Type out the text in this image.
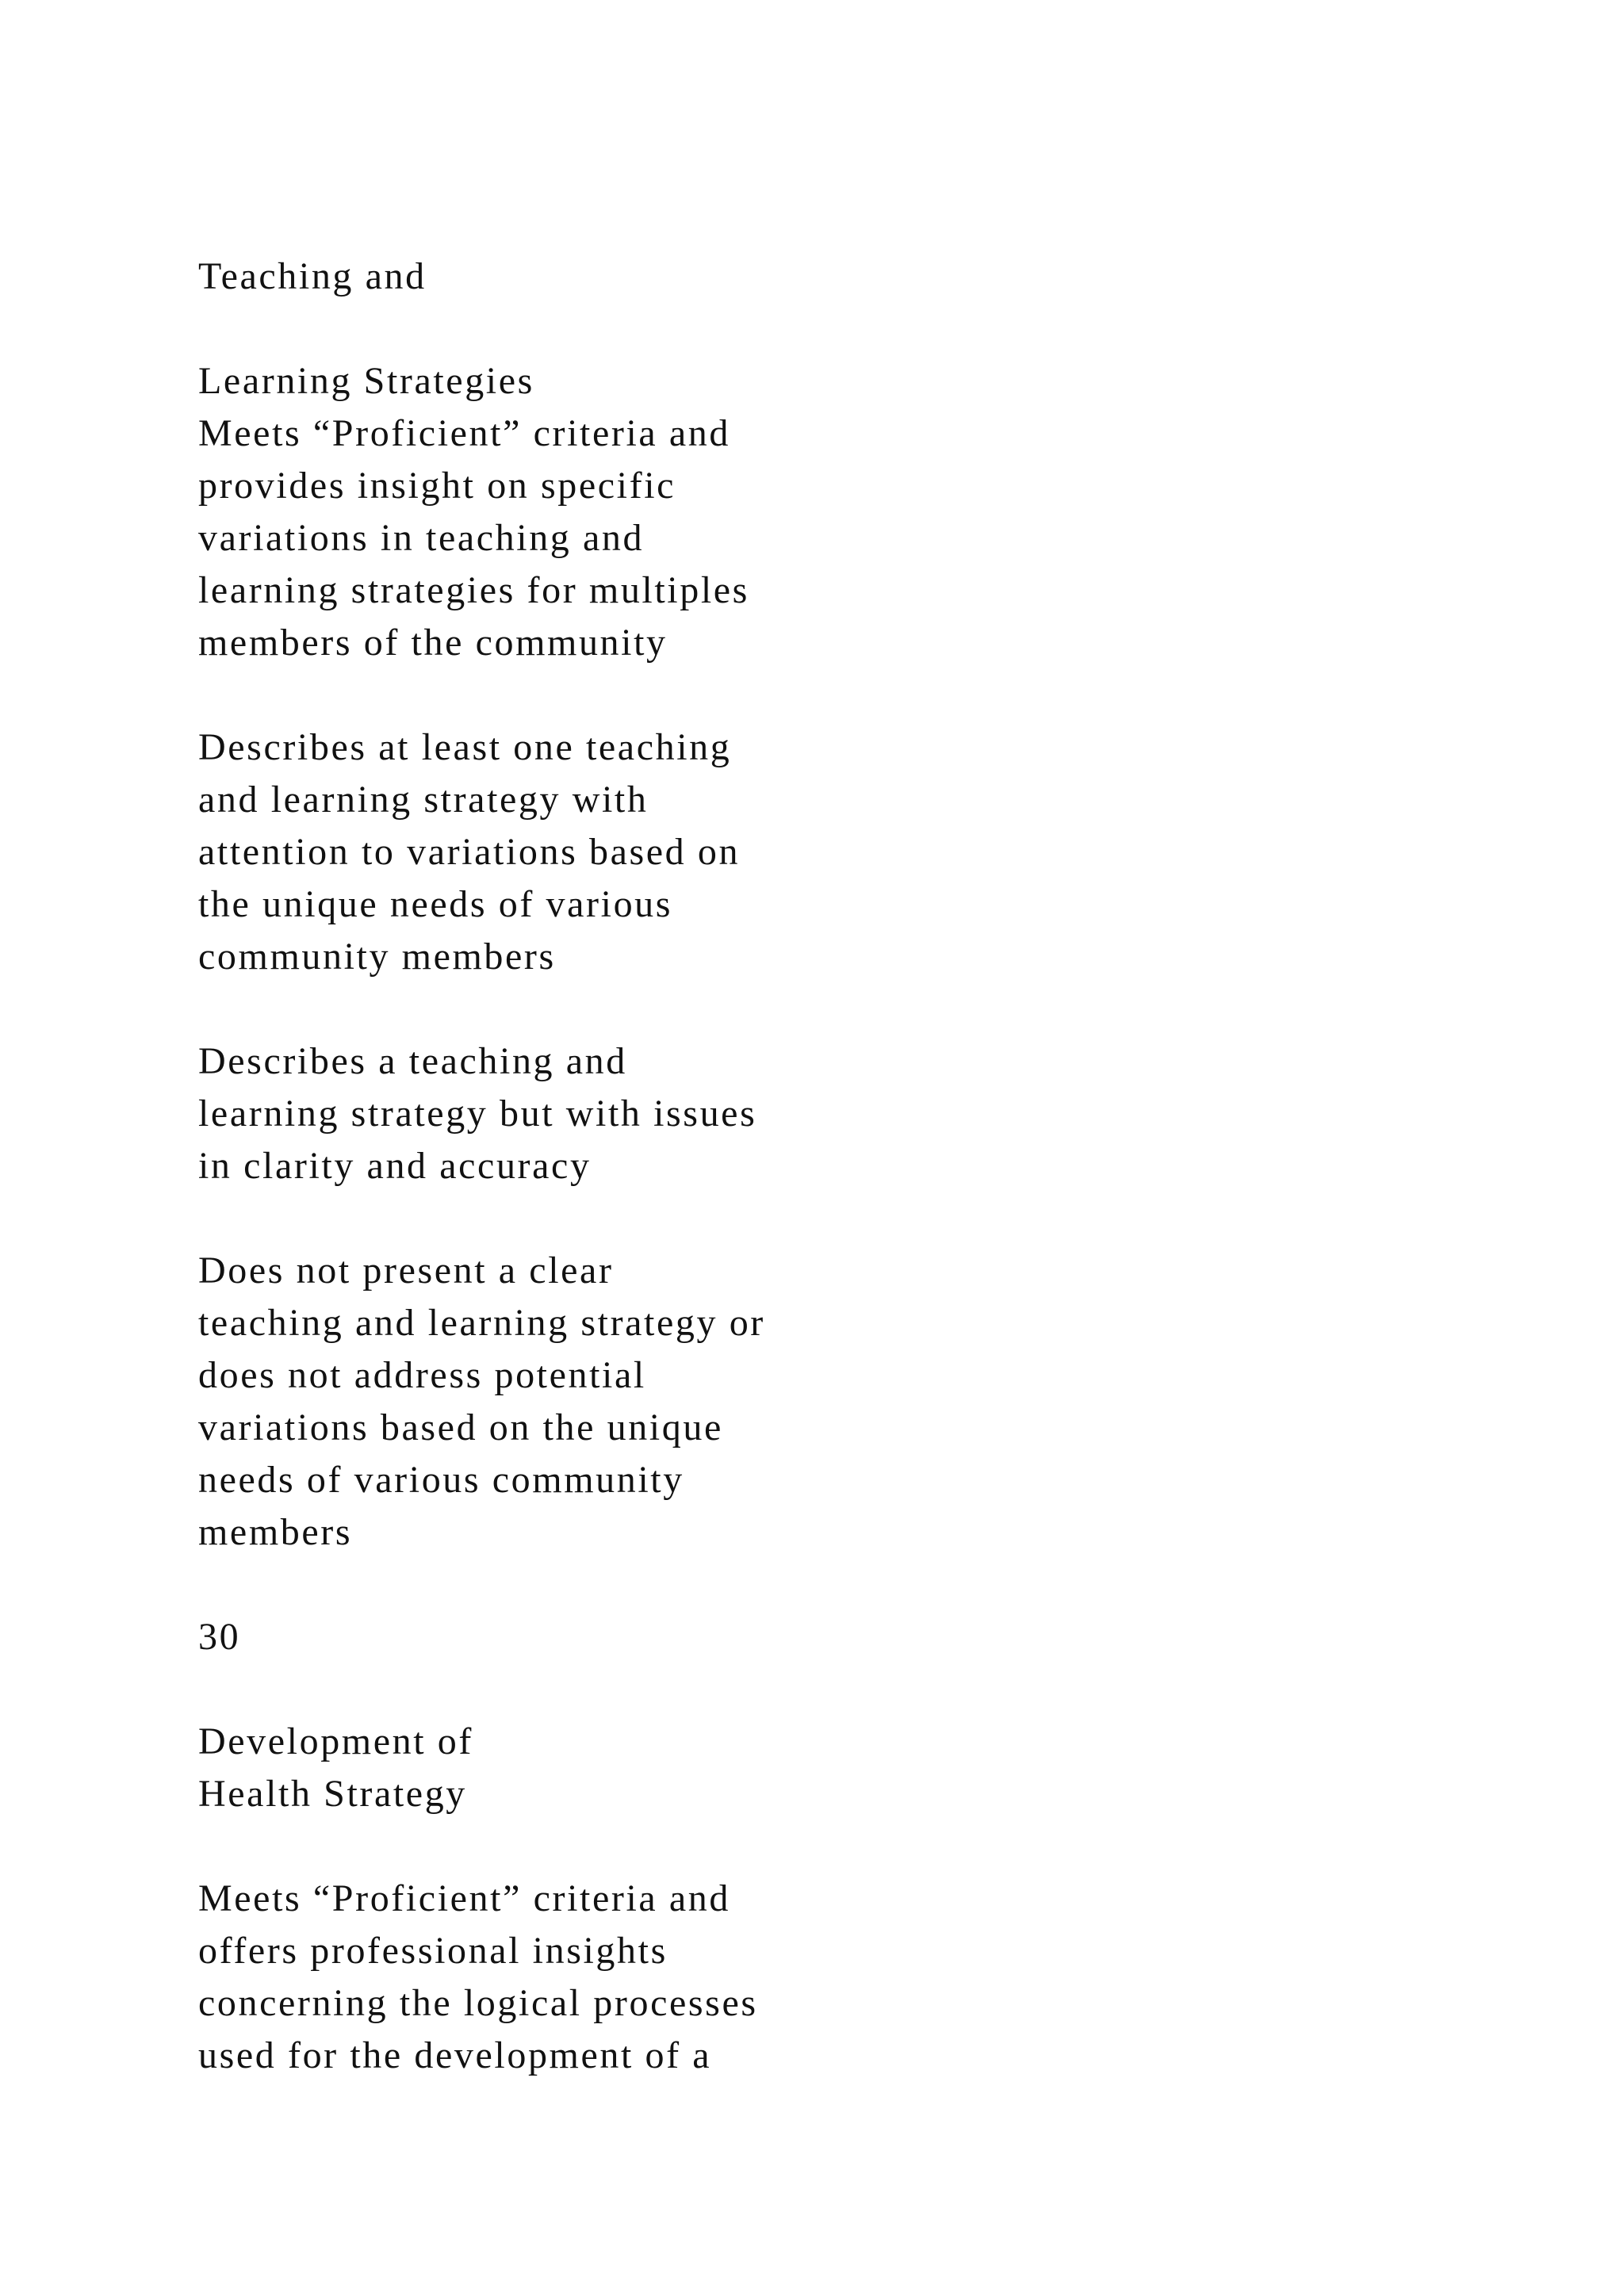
Teaching and
Learning Strategies
Meets “Proficient” criteria and
provides insight on specific
variations in teaching and
learning strategies for multiples
members of the community
Describes at least one teaching
and learning strategy with
attention to variations based on
the unique needs of various
community members
Describes a teaching and
learning strategy but with issues
in clarity and accuracy
Does not present a clear
teaching and learning strategy or
does not address potential
variations based on the unique
needs of various community
members
30
Development of
Health Strategy
Meets “Proficient” criteria and
offers professional insights
concerning the logical processes
used for the development of a
